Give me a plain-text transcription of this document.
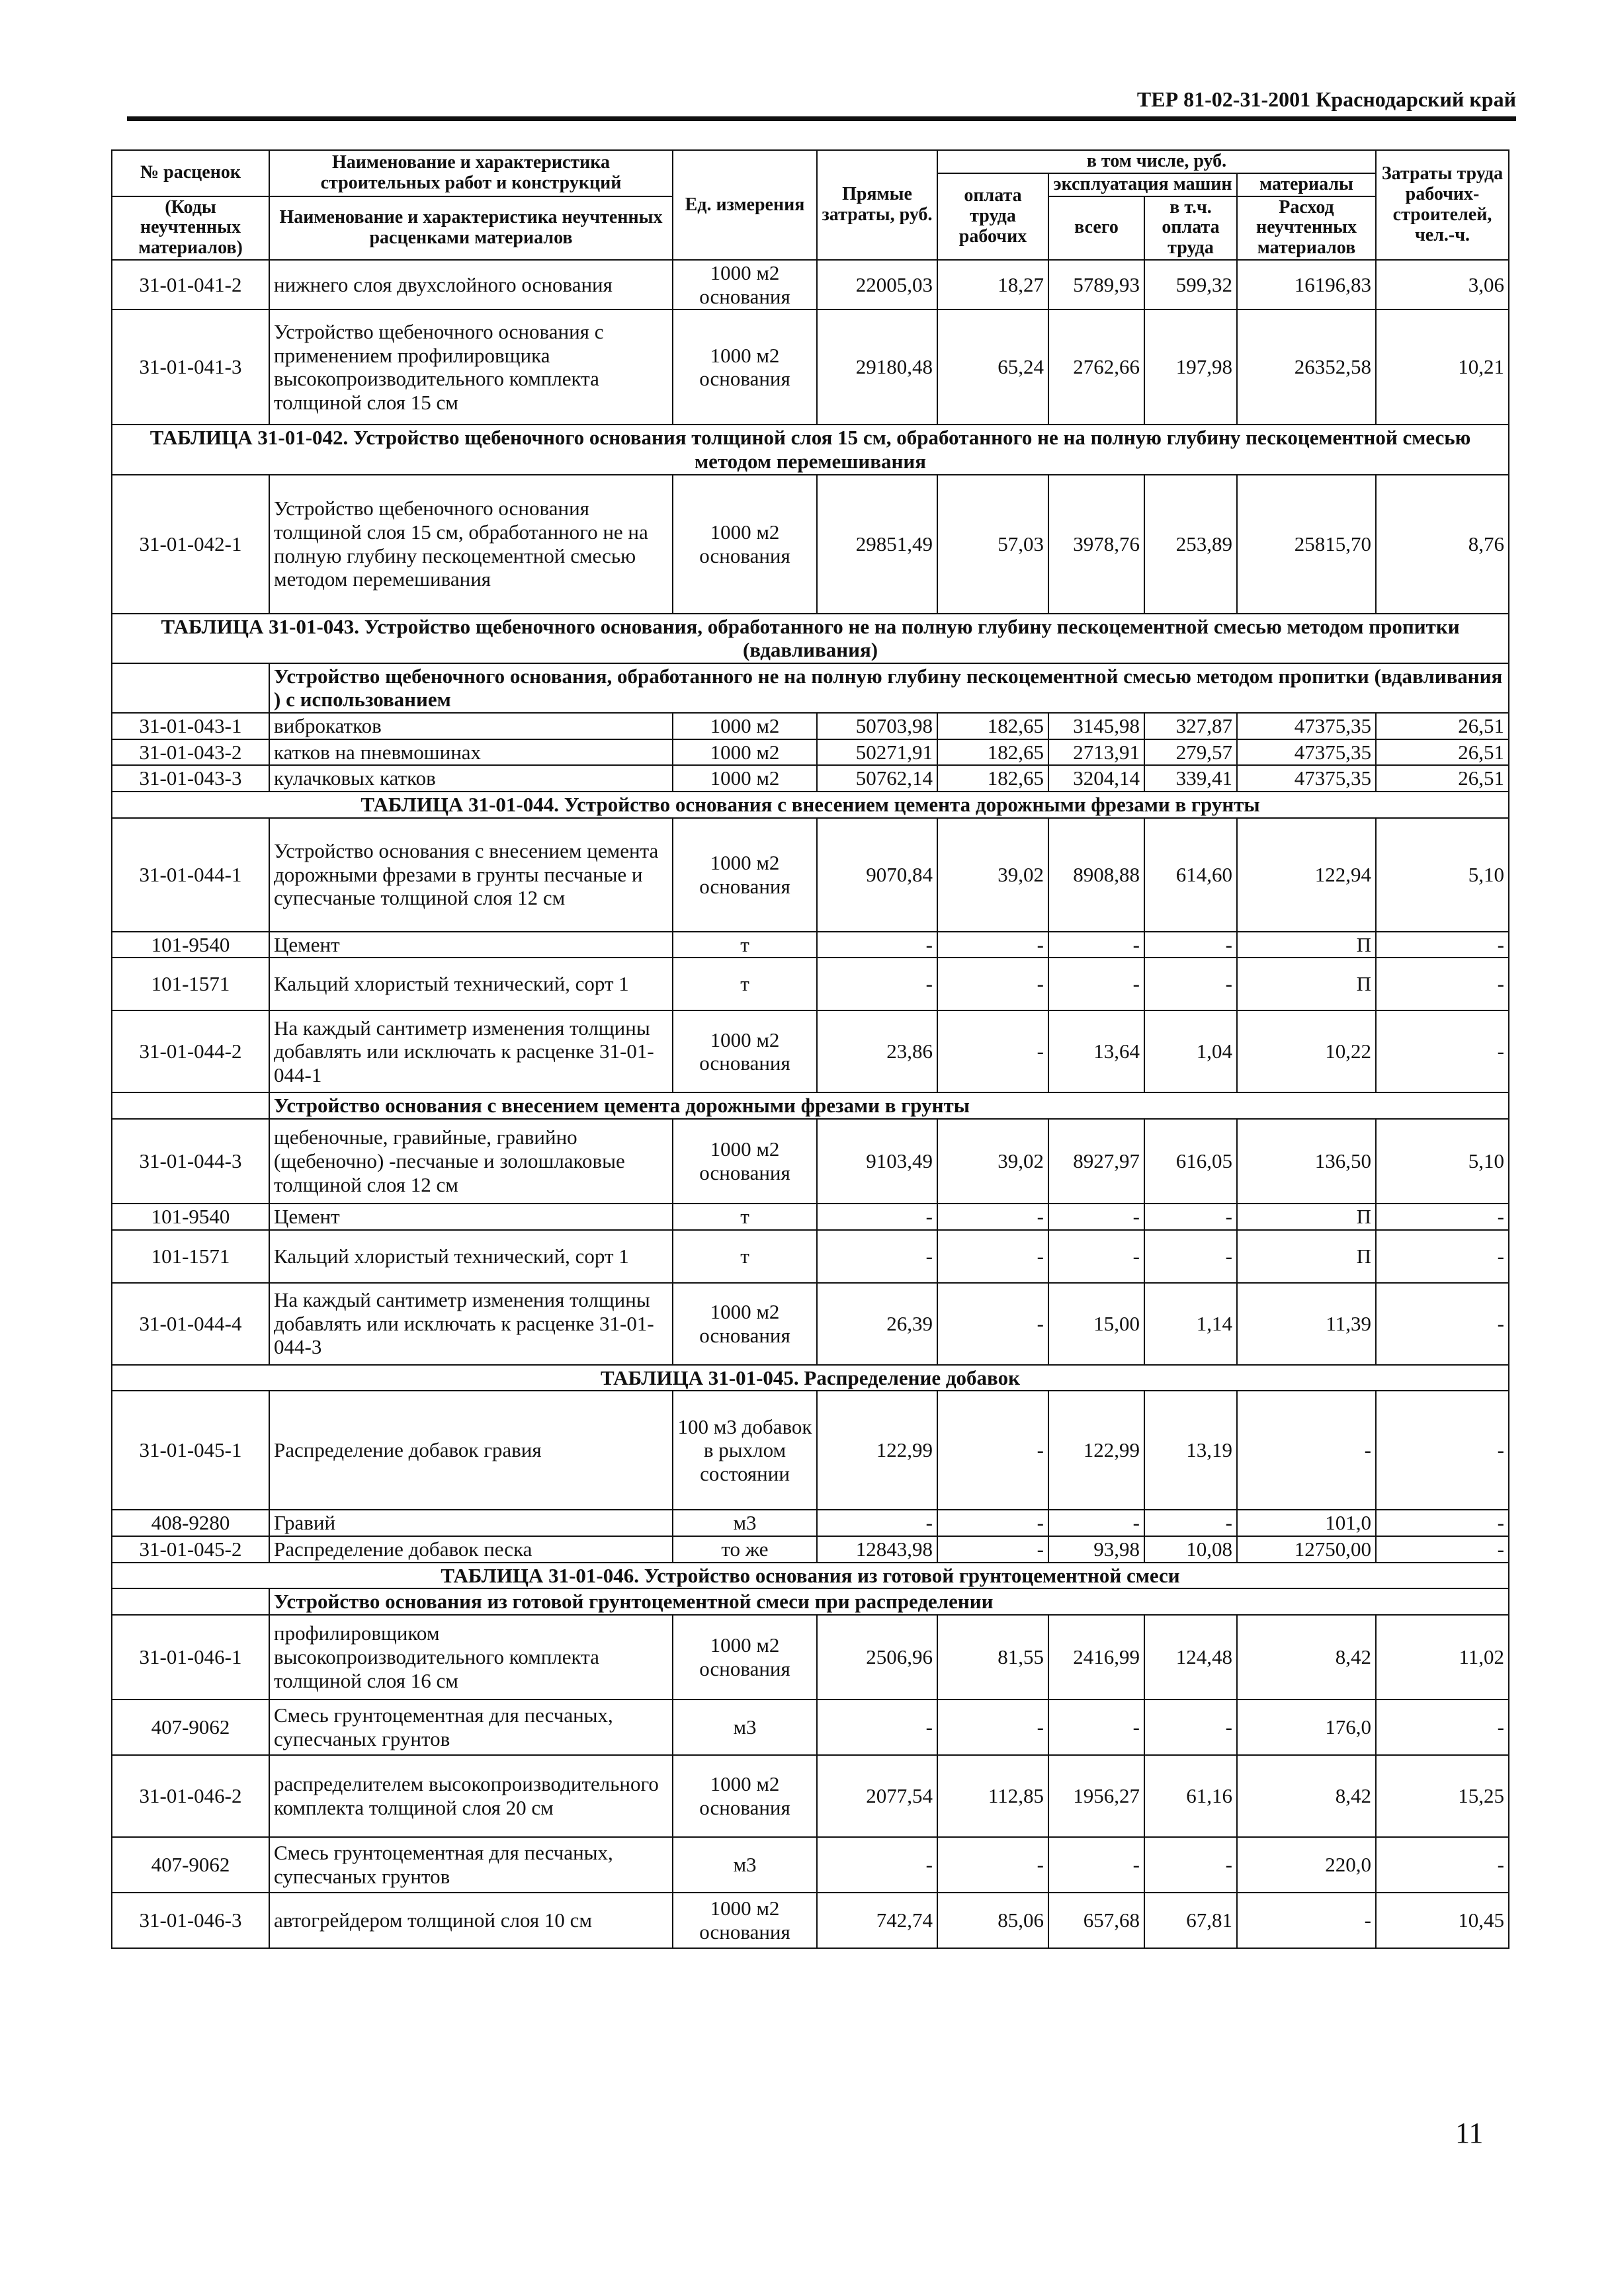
ТЕР 81-02-31-2001 Краснодарский край
№ расценок	Наименование и характеристика строительных работ и конструкций	Ед. измерения	Прямые затраты, руб.	в том числе, руб.				Затраты труда рабочих-строителей, чел.-ч.
				оплата труда рабочих	эксплуатация машин		материалы	
(Коды неучтенных материалов)	Наименование и характеристика неучтенных расценками материалов				всего	в т.ч. оплата труда	Расход неучтенных материалов	

31-01-041-2	нижнего слоя двухслойного основания	1000 м2 основания	22005,03	18,27	5789,93	599,32	16196,83	3,06
31-01-041-3	Устройство щебеночного основания с применением профилировщика высокопроизводительного комплекта толщиной слоя 15 см	1000 м2 основания	29180,48	65,24	2762,66	197,98	26352,58	10,21
ТАБЛИЦА 31-01-042. Устройство щебеночного основания толщиной слоя 15 см, обработанного не на полную глубину пескоцементной смесью методом перемешивания								
31-01-042-1	Устройство щебеночного основания толщиной слоя 15 см, обработанного не на полную глубину пескоцементной смесью методом перемешивания	1000 м2 основания	29851,49	57,03	3978,76	253,89	25815,70	8,76
ТАБЛИЦА 31-01-043. Устройство щебеночного основания, обработанного не на полную глубину пескоцементной смесью методом пропитки (вдавливания)								
	Устройство щебеночного основания, обработанного не на полную глубину пескоцементной смесью методом пропитки (вдавливания ) с использованием							
31-01-043-1	виброкатков	1000 м2	50703,98	182,65	3145,98	327,87	47375,35	26,51
31-01-043-2	катков на пневмошинах	1000 м2	50271,91	182,65	2713,91	279,57	47375,35	26,51
31-01-043-3	кулачковых катков	1000 м2	50762,14	182,65	3204,14	339,41	47375,35	26,51
ТАБЛИЦА 31-01-044. Устройство основания с внесением цемента дорожными фрезами в грунты								
31-01-044-1	Устройство основания с внесением цемента дорожными фрезами в грунты песчаные и супесчаные толщиной слоя 12 см	1000 м2 основания	9070,84	39,02	8908,88	614,60	122,94	5,10
101-9540	Цемент	т	-	-	-	-	П	-
101-1571	Кальций хлористый технический, сорт 1	т	-	-	-	-	П	-
31-01-044-2	На каждый сантиметр изменения толщины добавлять или исключать к расценке 31-01-044-1	1000 м2 основания	23,86	-	13,64	1,04	10,22	-
	Устройство основания с внесением цемента дорожными фрезами в грунты							
31-01-044-3	щебеночные, гравийные, гравийно (щебеночно) -песчаные и золошлаковые толщиной слоя 12 см	1000 м2 основания	9103,49	39,02	8927,97	616,05	136,50	5,10
101-9540	Цемент	т	-	-	-	-	П	-
101-1571	Кальций хлористый технический, сорт 1	т	-	-	-	-	П	-
31-01-044-4	На каждый сантиметр изменения толщины добавлять или исключать к расценке 31-01-044-3	1000 м2 основания	26,39	-	15,00	1,14	11,39	-
ТАБЛИЦА 31-01-045. Распределение добавок								
31-01-045-1	Распределение добавок гравия	100 м3 добавок в рыхлом состоянии	122,99	-	122,99	13,19	-	-
408-9280	Гравий	м3	-	-	-	-	101,0	-
31-01-045-2	Распределение добавок песка	то же	12843,98	-	93,98	10,08	12750,00	-
ТАБЛИЦА 31-01-046. Устройство основания из готовой грунтоцементной смеси								
	Устройство основания из готовой грунтоцементной смеси при распределении							
31-01-046-1	профилировщиком высокопроизводительного комплекта толщиной слоя 16 см	1000 м2 основания	2506,96	81,55	2416,99	124,48	8,42	11,02
407-9062	Смесь грунтоцементная для песчаных, супесчаных грунтов	м3	-	-	-	-	176,0	-
31-01-046-2	распределителем высокопроизводительного комплекта толщиной слоя 20 см	1000 м2 основания	2077,54	112,85	1956,27	61,16	8,42	15,25
407-9062	Смесь грунтоцементная для песчаных, супесчаных грунтов	м3	-	-	-	-	220,0	-
31-01-046-3	автогрейдером толщиной слоя 10 см	1000 м2 основания	742,74	85,06	657,68	67,81	-	10,45
11
